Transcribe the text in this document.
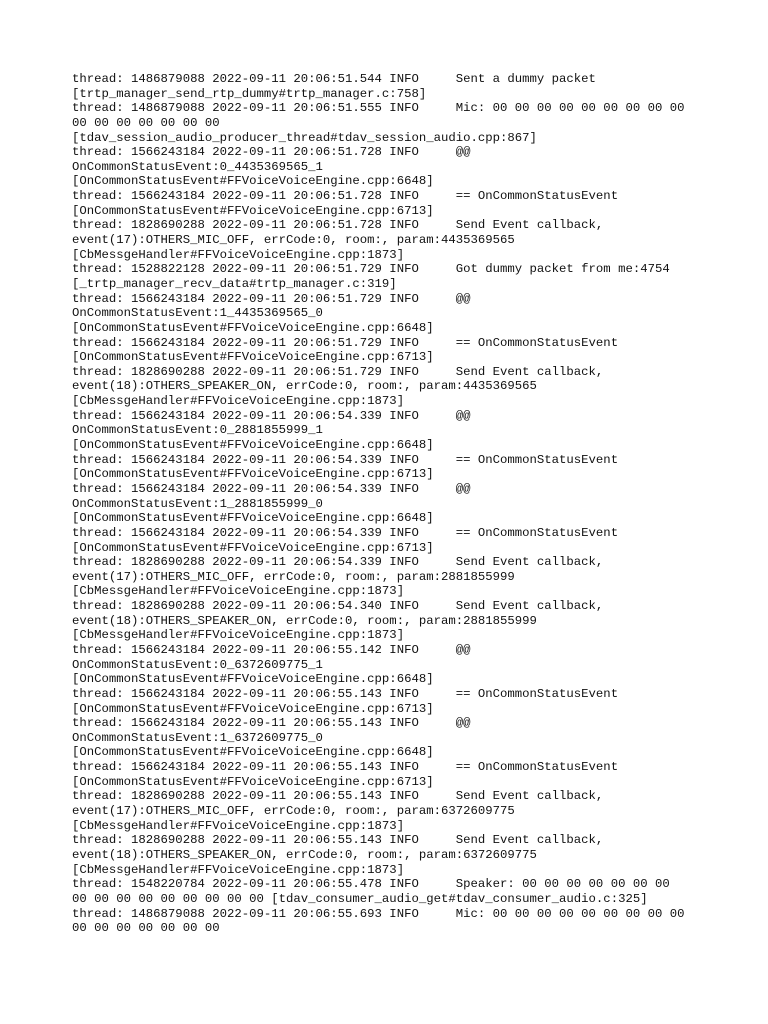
thread: 1486879088 2022-09-11 20:06:51.544 INFO     Sent a dummy packet
[trtp_manager_send_rtp_dummy#trtp_manager.c:758]
thread: 1486879088 2022-09-11 20:06:51.555 INFO     Mic: 00 00 00 00 00 00 00 00 00
00 00 00 00 00 00 00
[tdav_session_audio_producer_thread#tdav_session_audio.cpp:867]
thread: 1566243184 2022-09-11 20:06:51.728 INFO     @@
OnCommonStatusEvent:0_4435369565_1
[OnCommonStatusEvent#FFVoiceVoiceEngine.cpp:6648]
thread: 1566243184 2022-09-11 20:06:51.728 INFO     == OnCommonStatusEvent
[OnCommonStatusEvent#FFVoiceVoiceEngine.cpp:6713]
thread: 1828690288 2022-09-11 20:06:51.728 INFO     Send Event callback,
event(17):OTHERS_MIC_OFF, errCode:0, room:, param:4435369565
[CbMessgeHandler#FFVoiceVoiceEngine.cpp:1873]
thread: 1528822128 2022-09-11 20:06:51.729 INFO     Got dummy packet from me:4754
[_trtp_manager_recv_data#trtp_manager.c:319]
thread: 1566243184 2022-09-11 20:06:51.729 INFO     @@
OnCommonStatusEvent:1_4435369565_0
[OnCommonStatusEvent#FFVoiceVoiceEngine.cpp:6648]
thread: 1566243184 2022-09-11 20:06:51.729 INFO     == OnCommonStatusEvent
[OnCommonStatusEvent#FFVoiceVoiceEngine.cpp:6713]
thread: 1828690288 2022-09-11 20:06:51.729 INFO     Send Event callback,
event(18):OTHERS_SPEAKER_ON, errCode:0, room:, param:4435369565
[CbMessgeHandler#FFVoiceVoiceEngine.cpp:1873]
thread: 1566243184 2022-09-11 20:06:54.339 INFO     @@
OnCommonStatusEvent:0_2881855999_1
[OnCommonStatusEvent#FFVoiceVoiceEngine.cpp:6648]
thread: 1566243184 2022-09-11 20:06:54.339 INFO     == OnCommonStatusEvent
[OnCommonStatusEvent#FFVoiceVoiceEngine.cpp:6713]
thread: 1566243184 2022-09-11 20:06:54.339 INFO     @@
OnCommonStatusEvent:1_2881855999_0
[OnCommonStatusEvent#FFVoiceVoiceEngine.cpp:6648]
thread: 1566243184 2022-09-11 20:06:54.339 INFO     == OnCommonStatusEvent
[OnCommonStatusEvent#FFVoiceVoiceEngine.cpp:6713]
thread: 1828690288 2022-09-11 20:06:54.339 INFO     Send Event callback,
event(17):OTHERS_MIC_OFF, errCode:0, room:, param:2881855999
[CbMessgeHandler#FFVoiceVoiceEngine.cpp:1873]
thread: 1828690288 2022-09-11 20:06:54.340 INFO     Send Event callback,
event(18):OTHERS_SPEAKER_ON, errCode:0, room:, param:2881855999
[CbMessgeHandler#FFVoiceVoiceEngine.cpp:1873]
thread: 1566243184 2022-09-11 20:06:55.142 INFO     @@
OnCommonStatusEvent:0_6372609775_1
[OnCommonStatusEvent#FFVoiceVoiceEngine.cpp:6648]
thread: 1566243184 2022-09-11 20:06:55.143 INFO     == OnCommonStatusEvent
[OnCommonStatusEvent#FFVoiceVoiceEngine.cpp:6713]
thread: 1566243184 2022-09-11 20:06:55.143 INFO     @@
OnCommonStatusEvent:1_6372609775_0
[OnCommonStatusEvent#FFVoiceVoiceEngine.cpp:6648]
thread: 1566243184 2022-09-11 20:06:55.143 INFO     == OnCommonStatusEvent
[OnCommonStatusEvent#FFVoiceVoiceEngine.cpp:6713]
thread: 1828690288 2022-09-11 20:06:55.143 INFO     Send Event callback,
event(17):OTHERS_MIC_OFF, errCode:0, room:, param:6372609775
[CbMessgeHandler#FFVoiceVoiceEngine.cpp:1873]
thread: 1828690288 2022-09-11 20:06:55.143 INFO     Send Event callback,
event(18):OTHERS_SPEAKER_ON, errCode:0, room:, param:6372609775
[CbMessgeHandler#FFVoiceVoiceEngine.cpp:1873]
thread: 1548220784 2022-09-11 20:06:55.478 INFO     Speaker: 00 00 00 00 00 00 00
00 00 00 00 00 00 00 00 00 [tdav_consumer_audio_get#tdav_consumer_audio.c:325]
thread: 1486879088 2022-09-11 20:06:55.693 INFO     Mic: 00 00 00 00 00 00 00 00 00
00 00 00 00 00 00 00
